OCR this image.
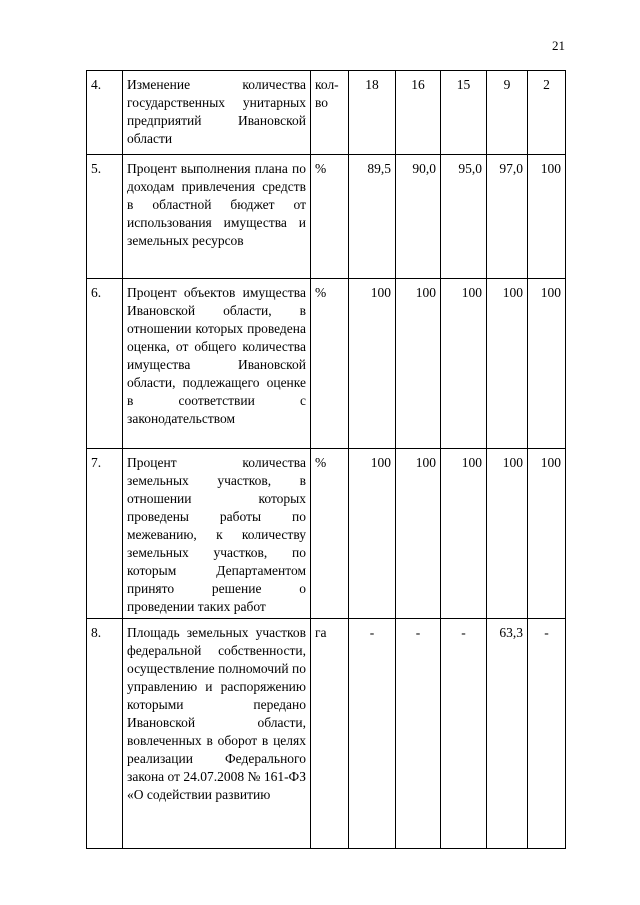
21
4.	Изменение количества государственных унитарных предприятий Ивановской области	кол-во	18	16	15	9	2
5.	Процент выполнения плана по доходам привлечения средств в областной бюджет от использования имущества и земельных ресурсов	%	89,5	90,0	95,0	97,0	100
6.	Процент объектов имущества Ивановской области, в отношении которых проведена оценка, от общего количества имущества Ивановской области, подлежащего оценке в соответствии с законодательством	%	100	100	100	100	100
7.	Процент количества земельных участков, в отношении которых проведены работы по межеванию, к количеству земельных участков, по которым Департаментом принято решение о проведении таких работ	%	100	100	100	100	100
8.	Площадь земельных участков федеральной собственности, осуществление полномочий по управлению и распоряжению которыми передано Ивановской области, вовлеченных в оборот в целях реализации Федерального закона от 24.07.2008 № 161-ФЗ «О содействии развитию	га	-	-	-	63,3	-
